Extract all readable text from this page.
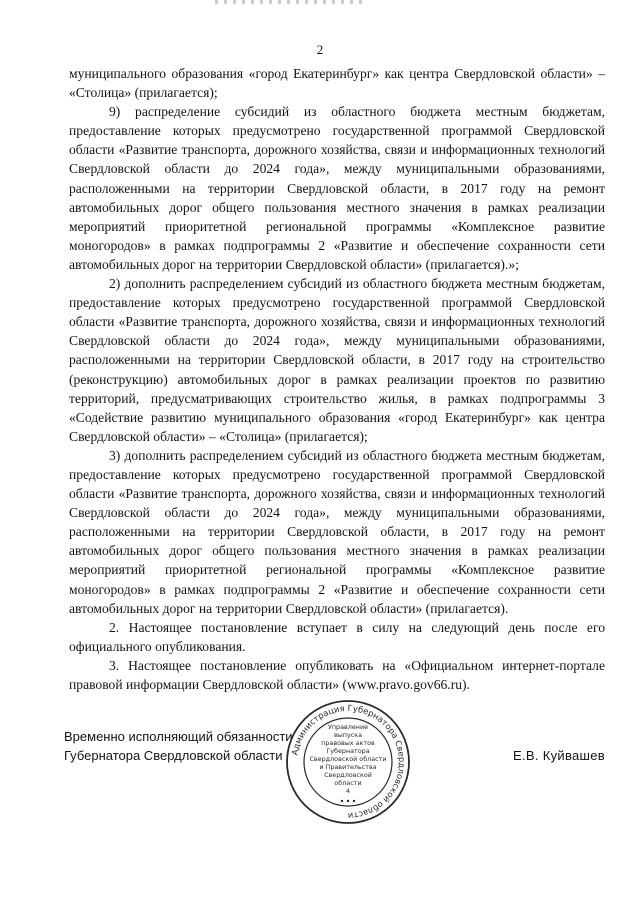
2

муниципального образования «город Екатеринбург» как центра Свердловской области» – «Столица» (прилагается);

9) распределение субсидий из областного бюджета местным бюджетам, предоставление которых предусмотрено государственной программой Свердловской области «Развитие транспорта, дорожного хозяйства, связи и информационных технологий Свердловской области до 2024 года», между муниципальными образованиями, расположенными на территории Свердловской области, в 2017 году на ремонт автомобильных дорог общего пользования местного значения в рамках реализации мероприятий приоритетной региональной программы «Комплексное развитие моногородов» в рамках подпрограммы 2 «Развитие и обеспечение сохранности сети автомобильных дорог на территории Свердловской области» (прилагается).»;

2) дополнить распределением субсидий из областного бюджета местным бюджетам, предоставление которых предусмотрено государственной программой Свердловской области «Развитие транспорта, дорожного хозяйства, связи и информационных технологий Свердловской области до 2024 года», между муниципальными образованиями, расположенными на территории Свердловской области, в 2017 году на строительство (реконструкцию) автомобильных дорог в рамках реализации проектов по развитию территорий, предусматривающих строительство жилья, в рамках подпрограммы 3 «Содействие развитию муниципального образования «город Екатеринбург» как центра Свердловской области» – «Столица» (прилагается);

3) дополнить распределением субсидий из областного бюджета местным бюджетам, предоставление которых предусмотрено государственной программой Свердловской области «Развитие транспорта, дорожного хозяйства, связи и информационных технологий Свердловской области до 2024 года», между муниципальными образованиями, расположенными на территории Свердловской области, в 2017 году на ремонт автомобильных дорог общего пользования местного значения в рамках реализации мероприятий приоритетной региональной программы «Комплексное развитие моногородов» в рамках подпрограммы 2 «Развитие и обеспечение сохранности сети автомобильных дорог на территории Свердловской области» (прилагается).

2. Настоящее постановление вступает в силу на следующий день после его официального опубликования.

3. Настоящее постановление опубликовать на «Официальном интернет-портале правовой информации Свердловской области» (www.pravo.gov66.ru).

Временно исполняющий обязанности
Губернатора Свердловской области Администрация Губернатора Свердловской области
Управление
выпуска
правовых актов
Губернатора
Свердловской области
и Правительства
Свердловской
области
4
Е.В. Куйвашев
